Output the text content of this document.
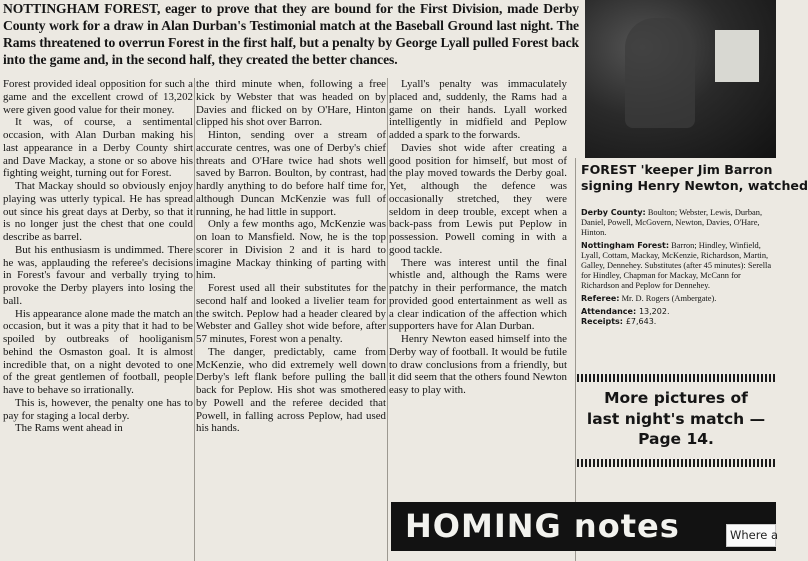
NOTTINGHAM FOREST, eager to prove that they are bound for the First Division, made Derby County work for a draw in Alan Durban's Testimonial match at the Baseball Ground last night. The Rams threatened to overrun Forest in the first half, but a penalty by George Lyall pulled Forest back into the game and, in the second half, they created the better chances.

Forest provided ideal opposition for such a game and the excellent crowd of 13,202 were given good value for their money.

It was, of course, a sentimental occasion, with Alan Durban making his last appearance in a Derby County shirt and Dave Mackay, a stone or so above his fighting weight, turning out for Forest.

That Mackay should so obviously enjoy playing was utterly typical. He has spread out since his great days at Derby, so that it is no longer just the chest that one could describe as barrel.

But his enthusiasm is undimmed. There he was, applauding the referee's decisions in Forest's favour and verbally trying to provoke the Derby players into losing the ball.

His appearance alone made the match an occasion, but it was a pity that it had to be spoiled by outbreaks of hooliganism behind the Osmaston goal. It is almost incredible that, on a night devoted to one of the great gentlemen of football, people have to behave so irrationally.

This is, however, the penalty one has to pay for staging a local derby.

The Rams went ahead in

the third minute when, following a free kick by Webster that was headed on by Davies and flicked on by O'Hare, Hinton clipped his shot over Barron.

Hinton, sending over a stream of accurate centres, was one of Derby's chief threats and O'Hare twice had shots well saved by Barron. Boulton, by contrast, had hardly anything to do before half time for, although Duncan McKenzie was full of running, he had little in support.

Only a few months ago, McKenzie was on loan to Mansfield. Now, he is the top scorer in Division 2 and it is hard to imagine Mackay thinking of parting with him.

Forest used all their substitutes for the second half and looked a livelier team for the switch. Peplow had a header cleared by Webster and Galley shot wide before, after 57 minutes, Forest won a penalty.

The danger, predictably, came from McKenzie, who did extremely well down Derby's left flank before pulling the ball back for Peplow. His shot was smothered by Powell and the referee decided that Powell, in falling across Peplow, had used his hands.

Lyall's penalty was immaculately placed and, suddenly, the Rams had a game on their hands. Lyall worked intelligently in midfield and Peplow added a spark to the forwards.

Davies shot wide after creating a good position for himself, but most of the play moved towards the Derby goal. Yet, although the defence was occasionally stretched, they were seldom in deep trouble, except when a back-pass from Lewis put Peplow in possession. Powell coming in with a good tackle.

There was interest until the final whistle and, although the Rams were patchy in their performance, the match provided good entertainment as well as a clear indication of the affection which supporters have for Alan Durban.

Henry Newton eased himself into the Derby way of football. It would be futile to draw conclusions from a friendly, but it did seem that the others found Newton easy to play with.

FOREST 'keeper Jim Barron
signing Henry Newton, watched

Derby County: Boulton; Webster, Lewis, Durban, Daniel, Powell, McGovern, Newton, Davies, O'Hare, Hinton.

Nottingham Forest: Barron; Hindley, Winfield, Lyall, Cottam, Mackay, McKenzie, Richardson, Martin, Galley, Dennehey. Substitutes (after 45 minutes): Serella for Hindley, Chapman for Mackay, McCann for Richardson and Peplow for Dennehey.

Referee: Mr. D. Rogers (Ambergate).

Attendance: 13,202.

Receipts: £7,643.

More pictures of
last night's match —
Page 14.
HOMING notes	Where a
